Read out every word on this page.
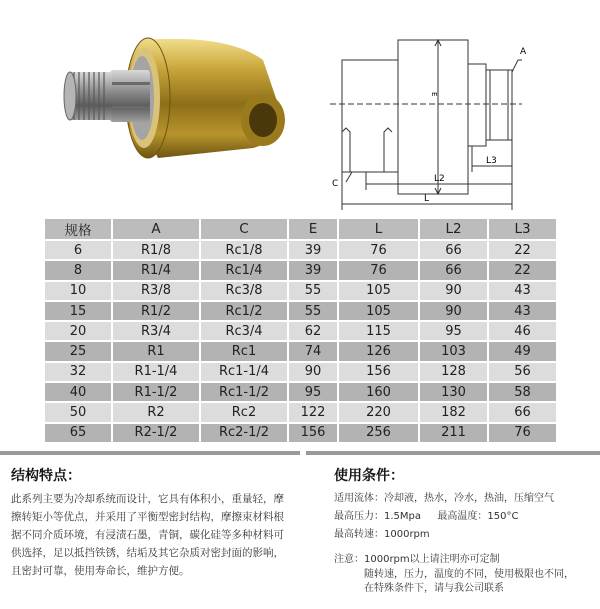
A
E
C
L3
L2
L
规格	A	C	E	L	L2	L3
6	R1/8	Rc1/8	39	76	66	22
8	R1/4	Rc1/4	39	76	66	22
10	R3/8	Rc3/8	55	105	90	43
15	R1/2	Rc1/2	55	105	90	43
20	R3/4	Rc3/4	62	115	95	46
25	R1	Rc1	74	126	103	49
32	R1-1/4	Rc1-1/4	90	156	128	56
40	R1-1/2	Rc1-1/2	95	160	130	58
50	R2	Rc2	122	220	182	66
65	R2-1/2	Rc2-1/2	156	256	211	76
结构特点：
此系列主要为冷却系统而设计，它具有体积小，重量轻，摩
擦转矩小等优点，并采用了平衡型密封结构，摩擦束材料根
据不同介质环境，有浸渍石墨，青铜，碳化硅等多种材料可
供选择，足以抵挡铁锈，结垢及其它杂质对密封面的影响，
且密封可靠，使用寿命长，维护方便。
使用条件：
适用流体：冷却液，热水，冷水，热油，压缩空气
最高压力：1.5Mpa 最高温度：150°C
最高转速：1000rpm
注意：1000rpm以上请注明亦可定制
随转速，压力，温度的不同，使用极限也不同，
在特殊条件下，请与我公司联系
